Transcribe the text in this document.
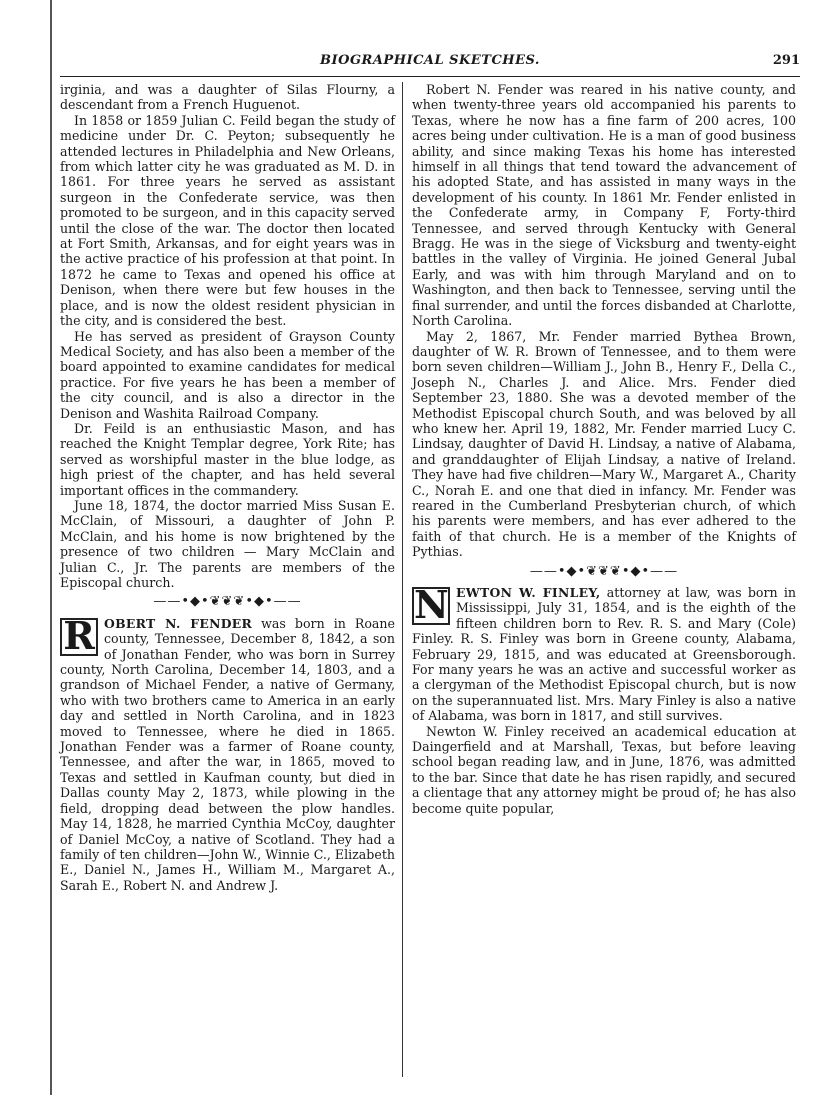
BIOGRAPHICAL SKETCHES.	291

irginia, and was a daughter of Silas Flourny, a descendant from a French Huguenot.

In 1858 or 1859 Julian C. Feild began the study of medicine under Dr. C. Peyton; subsequently he attended lectures in Philadelphia and New Orleans, from which latter city he was graduated as M. D. in 1861. For three years he served as assistant surgeon in the Confederate service, was then promoted to be surgeon, and in this capacity served until the close of the war. The doctor then located at Fort Smith, Arkansas, and for eight years was in the active practice of his profession at that point. In 1872 he came to Texas and opened his office at Denison, when there were but few houses in the place, and is now the oldest resident physician in the city, and is considered the best.

He has served as president of Grayson County Medical Society, and has also been a member of the board appointed to examine candidates for medical practice. For five years he has been a member of the city council, and is also a director in the Denison and Washita Railroad Company.

Dr. Feild is an enthusiastic Mason, and has reached the Knight Templar degree, York Rite; has served as worshipful master in the blue lodge, as high priest of the chapter, and has held several important offices in the commandery.

June 18, 1874, the doctor married Miss Susan E. McClain, of Missouri, a daughter of John P. McClain, and his home is now brightened by the presence of two children — Mary McClain and Julian C., Jr. The parents are members of the Episcopal church.

——•◆•❦❦❦•◆•——

R OBERT N. FENDER was born in Roane county, Tennessee, December 8, 1842, a son of Jonathan Fender, who was born in Surrey county, North Carolina, December 14, 1803, and a grandson of Michael Fender, a native of Germany, who with two brothers came to America in an early day and settled in North Carolina, and in 1823 moved to Tennessee, where he died in 1865. Jonathan Fender was a farmer of Roane county, Tennessee, and after the war, in 1865, moved to Texas and settled in Kaufman county, but died in Dallas county May 2, 1873, while plowing in the field, dropping dead between the plow handles. May 14, 1828, he married Cynthia McCoy, daughter of Daniel McCoy, a native of Scotland. They had a family of ten children—John W., Winnie C., Elizabeth E., Daniel N., James H., William M., Margaret A., Sarah E., Robert N. and Andrew J.

Robert N. Fender was reared in his native county, and when twenty-three years old accompanied his parents to Texas, where he now has a fine farm of 200 acres, 100 acres being under cultivation. He is a man of good business ability, and since making Texas his home has interested himself in all things that tend toward the advancement of his adopted State, and has assisted in many ways in the development of his county. In 1861 Mr. Fender enlisted in the Confederate army, in Company F, Forty-third Tennessee, and served through Kentucky with General Bragg. He was in the siege of Vicksburg and twenty-eight battles in the valley of Virginia. He joined General Jubal Early, and was with him through Maryland and on to Washington, and then back to Tennessee, serving until the final surrender, and until the forces disbanded at Charlotte, North Carolina.

May 2, 1867, Mr. Fender married Bythea Brown, daughter of W. R. Brown of Tennessee, and to them were born seven children—William J., John B., Henry F., Della C., Joseph N., Charles J. and Alice. Mrs. Fender died September 23, 1880. She was a devoted member of the Methodist Episcopal church South, and was beloved by all who knew her. April 19, 1882, Mr. Fender married Lucy C. Lindsay, daughter of David H. Lindsay, a native of Alabama, and granddaughter of Elijah Lindsay, a native of Ireland. They have had five children—Mary W., Margaret A., Charity C., Norah E. and one that died in infancy. Mr. Fender was reared in the Cumberland Presbyterian church, of which his parents were members, and has ever adhered to the faith of that church. He is a member of the Knights of Pythias.

——•◆•❦❦❦•◆•——

N EWTON W. FINLEY, attorney at law, was born in Mississippi, July 31, 1854, and is the eighth of the fifteen children born to Rev. R. S. and Mary (Cole) Finley. R. S. Finley was born in Greene county, Alabama, February 29, 1815, and was educated at Greensborough. For many years he was an active and successful worker as a clergyman of the Methodist Episcopal church, but is now on the superannuated list. Mrs. Mary Finley is also a native of Alabama, was born in 1817, and still survives.

Newton W. Finley received an academical education at Daingerfield and at Marshall, Texas, but before leaving school began reading law, and in June, 1876, was admitted to the bar. Since that date he has risen rapidly, and secured a clientage that any attorney might be proud of; he has also become quite popular,
